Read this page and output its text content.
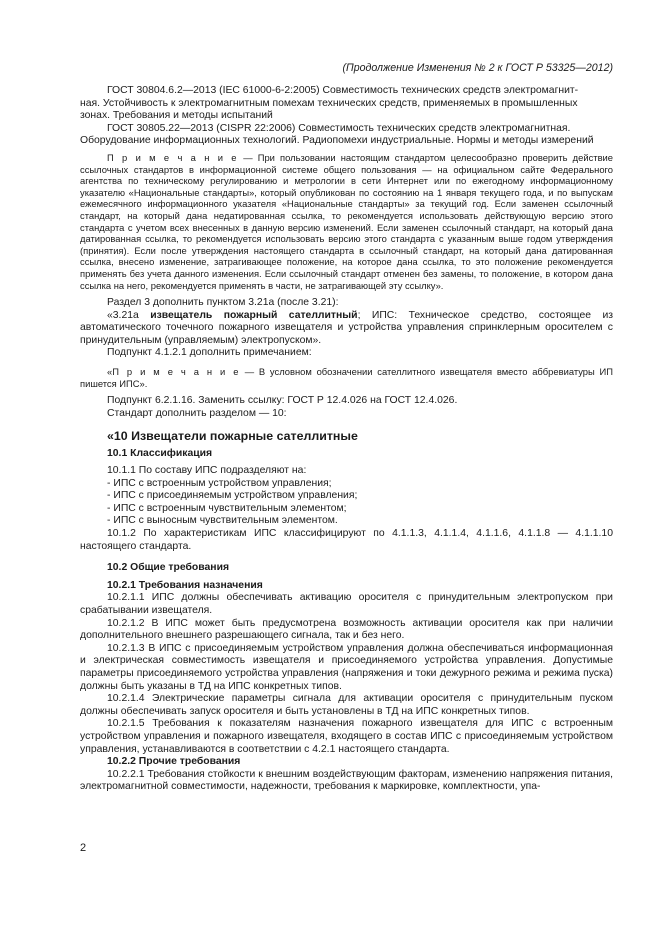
(Продолжение Изменения № 2 к ГОСТ Р 53325—2012)

ГОСТ 30804.6.2—2013 (IEC 61000-6-2:2005) Совместимость технических средств электромагнит-

ная. Устойчивость к электромагнитным помехам технических средств, применяемых в промышленных

зонах. Требования и методы испытаний

ГОСТ 30805.22—2013 (CISPR 22:2006) Совместимость технических средств электромагнитная.

Оборудование информационных технологий. Радиопомехи индустриальные. Нормы и методы измерений

П р и м е ч а н и е — При пользовании настоящим стандартом целесообразно проверить действие ссылочных стандартов в информационной системе общего пользования — на официальном сайте Федерального агентства по техническому регулированию и метрологии в сети Интернет или по ежегодному информационному указателю «Национальные стандарты», который опубликован по состоянию на 1 января текущего года, и по выпускам ежемесячного информационного указателя «Национальные стандарты» за текущий год. Если заменен ссылочный стандарт, на который дана недатированная ссылка, то рекомендуется использовать действующую версию этого стандарта с учетом всех внесенных в данную версию изменений. Если заменен ссылочный стандарт, на который дана датированная ссылка, то рекомендуется использовать версию этого стандарта с указанным выше годом утверждения (принятия). Если после утверждения настоящего стандарта в ссылочный стандарт, на который дана датированная ссылка, внесено изменение, затрагивающее положение, на которое дана ссылка, то это положение рекомендуется применять без учета данного изменения. Если ссылочный стандарт отменен без замены, то положение, в котором дана ссылка на него, рекомендуется применять в части, не затрагивающей эту ссылку».

Раздел 3 дополнить пунктом 3.21а (после 3.21):

«3.21а извещатель пожарный сателлитный; ИПС: Техническое средство, состоящее из автоматического точечного пожарного извещателя и устройства управления спринклерным оросителем с принудительным (управляемым) электропуском».

Подпункт 4.1.2.1 дополнить примечанием:

«П р и м е ч а н и е — В условном обозначении сателлитного извещателя вместо аббревиатуры ИП пишется ИПС».

Подпункт 6.2.1.16. Заменить ссылку: ГОСТ Р 12.4.026 на ГОСТ 12.4.026.

Стандарт дополнить разделом — 10:

«10 Извещатели пожарные сателлитные
10.1 Классификация

10.1.1 По составу ИПС подразделяют на:

- ИПС с встроенным устройством управления;

- ИПС с присоединяемым устройством управления;

- ИПС с встроенным чувствительным элементом;

- ИПС с выносным чувствительным элементом.

10.1.2 По характеристикам ИПС классифицируют по 4.1.1.3, 4.1.1.4, 4.1.1.6, 4.1.1.8 — 4.1.1.10 настоящего стандарта.

10.2 Общие требования
10.2.1 Требования назначения

10.2.1.1 ИПС должны обеспечивать активацию оросителя с принудительным электропуском при срабатывании извещателя.

10.2.1.2 В ИПС может быть предусмотрена возможность активации оросителя как при наличии дополнительного внешнего разрешающего сигнала, так и без него.

10.2.1.3 В ИПС с присоединяемым устройством управления должна обеспечиваться информационная и электрическая совместимость извещателя и присоединяемого устройства управления. Допустимые параметры присоединяемого устройства управления (напряжения и токи дежурного режима и режима пуска) должны быть указаны в ТД на ИПС конкретных типов.

10.2.1.4 Электрические параметры сигнала для активации оросителя с принудительным пуском должны обеспечивать запуск оросителя и быть установлены в ТД на ИПС конкретных типов.

10.2.1.5 Требования к показателям назначения пожарного извещателя для ИПС с встроенным устройством управления и пожарного извещателя, входящего в состав ИПС с присоединяемым устройством управления, устанавливаются в соответствии с 4.2.1 настоящего стандарта.

10.2.2 Прочие требования

10.2.2.1 Требования стойкости к внешним воздействующим факторам, изменению напряжения питания, электромагнитной совместимости, надежности, требования к маркировке, комплектности, упа-

2
